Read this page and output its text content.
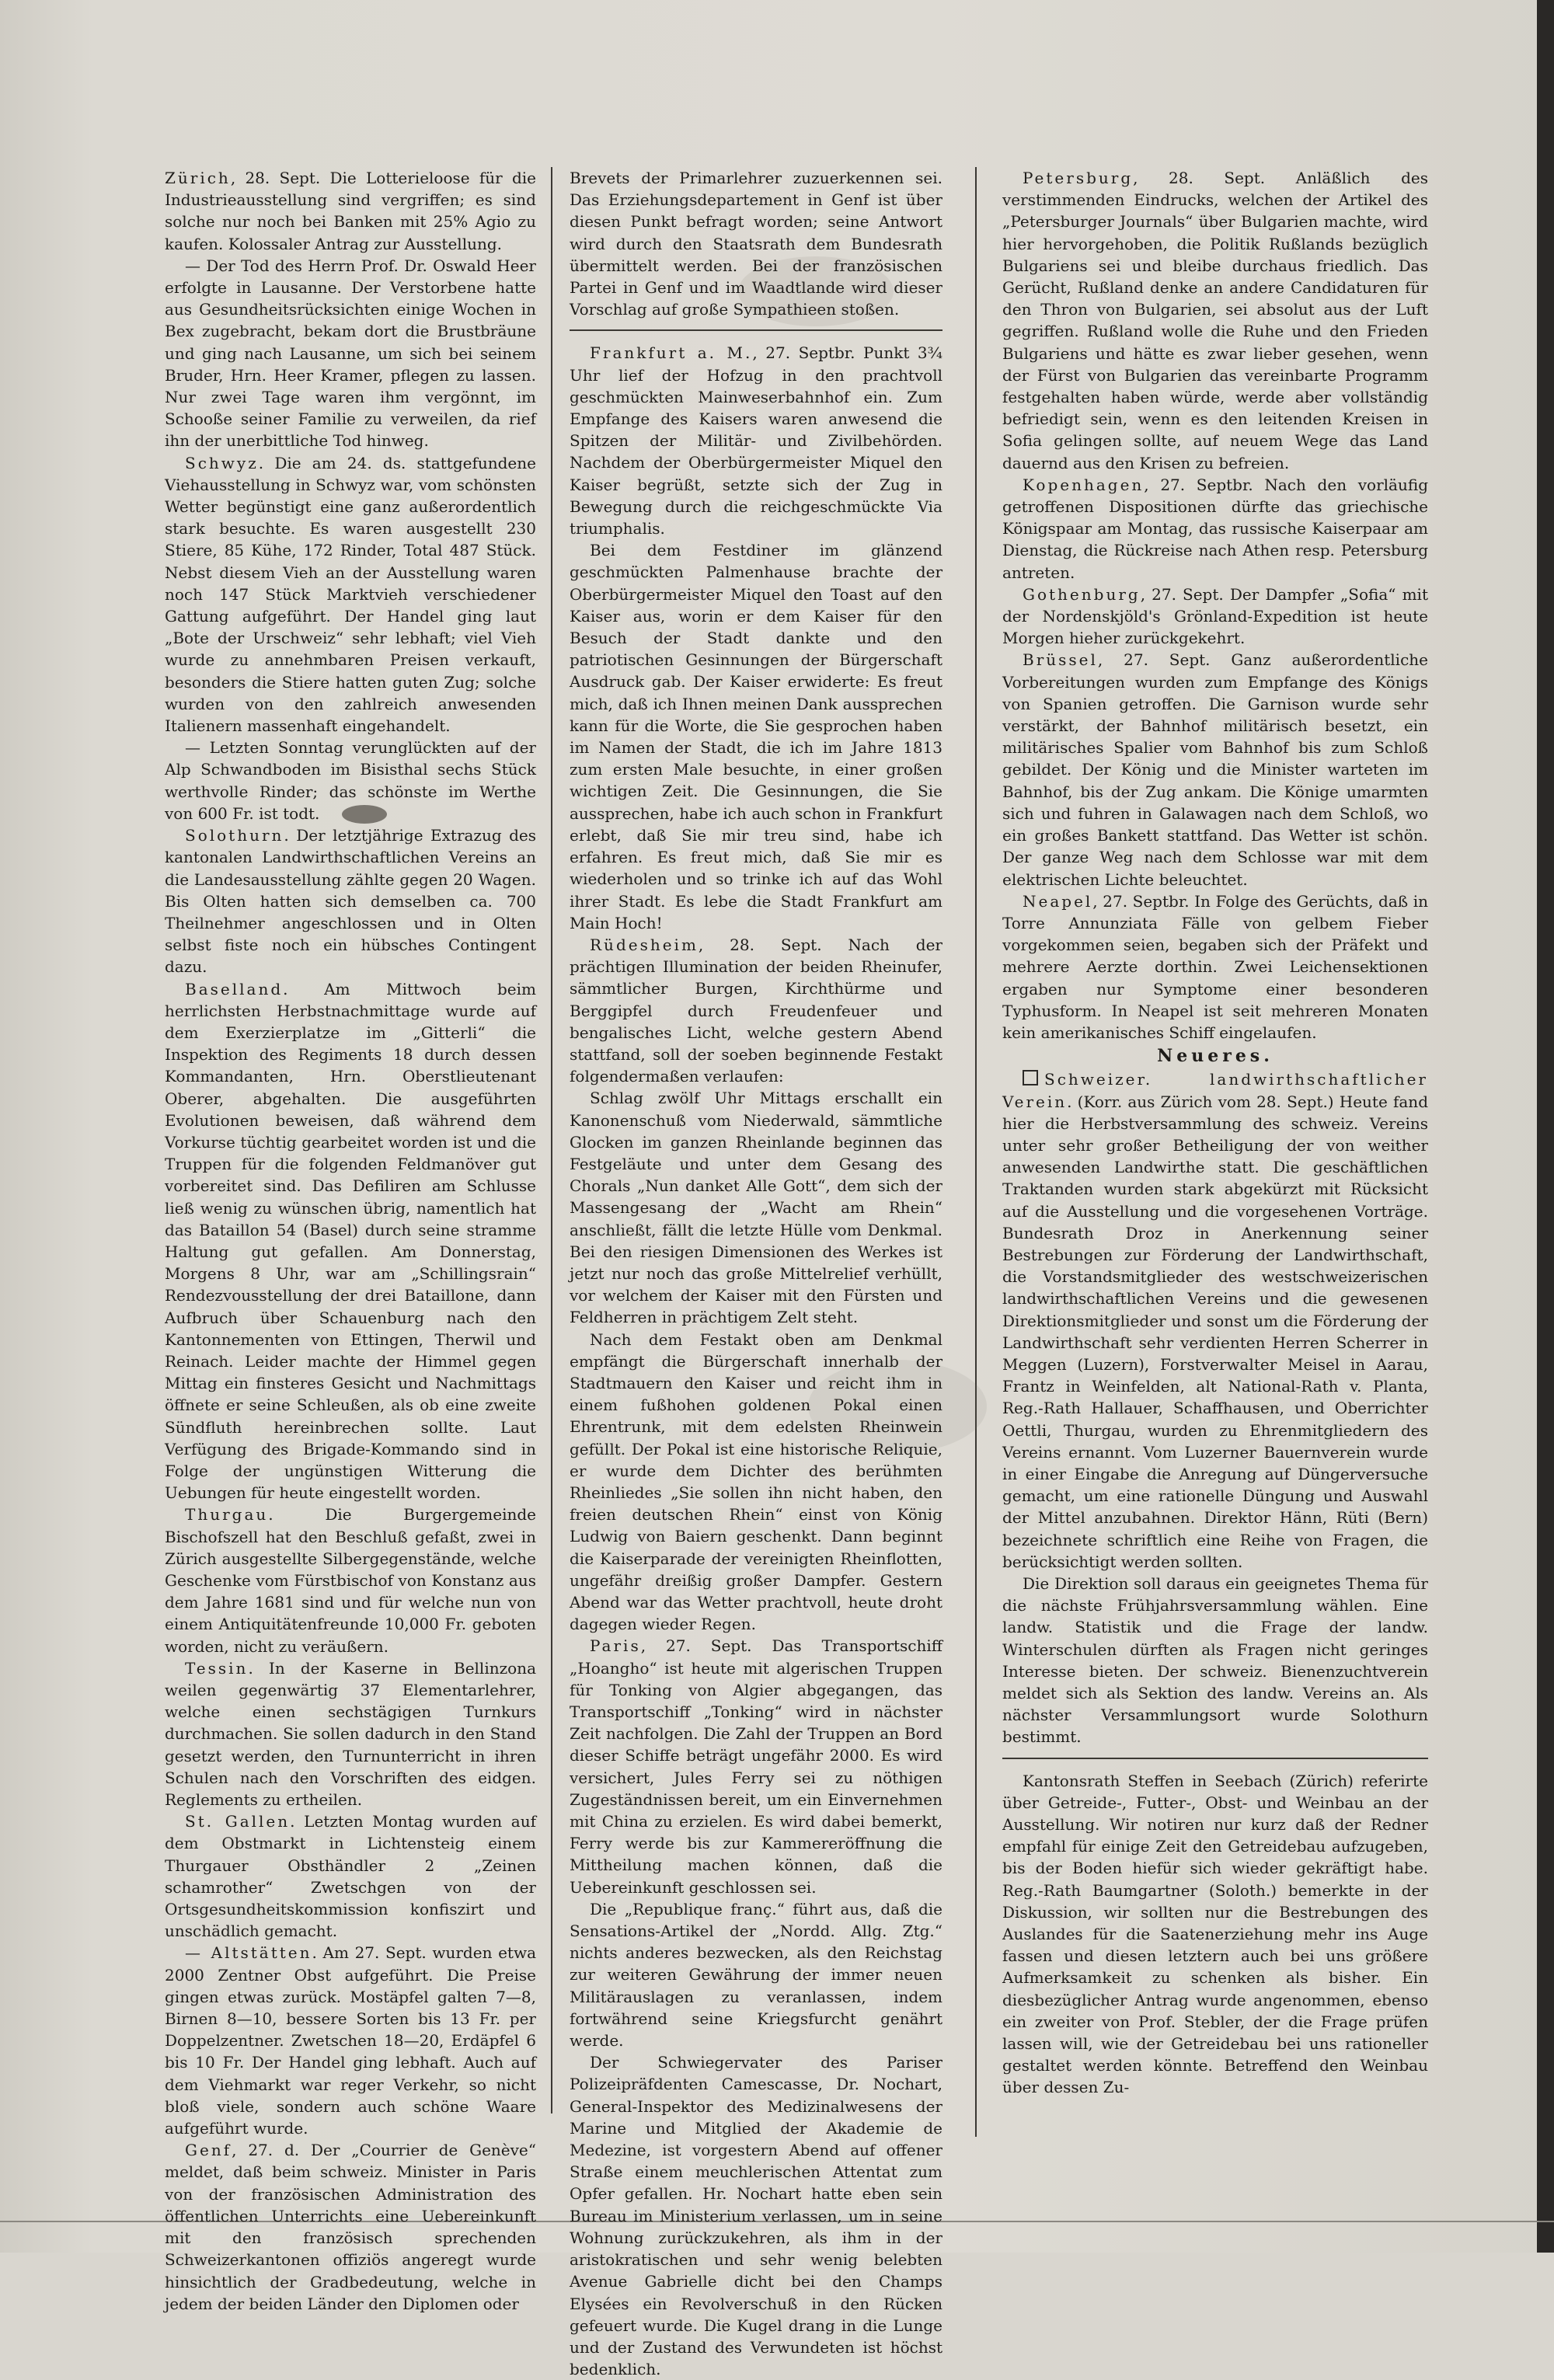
Zürich, 28. Sept. Die Lotterieloose für die Industrieausstellung sind vergriffen; es sind solche nur noch bei Banken mit 25% Agio zu kaufen. Kolossaler Antrag zur Ausstellung.

— Der Tod des Herrn Prof. Dr. Oswald Heer erfolgte in Lausanne. Der Verstorbene hatte aus Gesundheitsrücksichten einige Wochen in Bex zugebracht, bekam dort die Brustbräune und ging nach Lausanne, um sich bei seinem Bruder, Hrn. Heer Kramer, pflegen zu lassen. Nur zwei Tage waren ihm vergönnt, im Schooße seiner Familie zu verweilen, da rief ihn der unerbittliche Tod hinweg.

Schwyz. Die am 24. ds. stattgefundene Viehausstellung in Schwyz war, vom schönsten Wetter begünstigt eine ganz außerordentlich stark besuchte. Es waren ausgestellt 230 Stiere, 85 Kühe, 172 Rinder, Total 487 Stück. Nebst diesem Vieh an der Ausstellung waren noch 147 Stück Marktvieh verschiedener Gattung aufgeführt. Der Handel ging laut „Bote der Urschweiz“ sehr lebhaft; viel Vieh wurde zu annehmbaren Preisen verkauft, besonders die Stiere hatten guten Zug; solche wurden von den zahlreich anwesenden Italienern massenhaft eingehandelt.

— Letzten Sonntag verunglückten auf der Alp Schwandboden im Bisisthal sechs Stück werthvolle Rinder; das schönste im Werthe von 600 Fr. ist todt.

Solothurn. Der letztjährige Extrazug des kantonalen Landwirthschaftlichen Vereins an die Landesausstellung zählte gegen 20 Wagen. Bis Olten hatten sich demselben ca. 700 Theilnehmer angeschlossen und in Olten selbst fiste noch ein hübsches Contingent dazu.

Baselland. Am Mittwoch beim herrlichsten Herbstnachmittage wurde auf dem Exerzierplatze im „Gitterli“ die Inspektion des Regiments 18 durch dessen Kommandanten, Hrn. Oberstlieutenant Oberer, abgehalten. Die ausgeführten Evolutionen beweisen, daß während dem Vorkurse tüchtig gearbeitet worden ist und die Truppen für die folgenden Feldmanöver gut vorbereitet sind. Das Defiliren am Schlusse ließ wenig zu wünschen übrig, namentlich hat das Bataillon 54 (Basel) durch seine stramme Haltung gut gefallen. Am Donnerstag, Morgens 8 Uhr, war am „Schillingsrain“ Rendezvousstellung der drei Bataillone, dann Aufbruch über Schauenburg nach den Kantonnementen von Ettingen, Therwil und Reinach. Leider machte der Himmel gegen Mittag ein finsteres Gesicht und Nachmittags öffnete er seine Schleußen, als ob eine zweite Sündfluth hereinbrechen sollte. Laut Verfügung des Brigade-Kommando sind in Folge der ungünstigen Witterung die Uebungen für heute eingestellt worden.

Thurgau. Die Burgergemeinde Bischofszell hat den Beschluß gefaßt, zwei in Zürich ausgestellte Silbergegenstände, welche Geschenke vom Fürstbischof von Konstanz aus dem Jahre 1681 sind und für welche nun von einem Antiquitätenfreunde 10,000 Fr. geboten worden, nicht zu veräußern.

Tessin. In der Kaserne in Bellinzona weilen gegenwärtig 37 Elementarlehrer, welche einen sechstägigen Turnkurs durchmachen. Sie sollen dadurch in den Stand gesetzt werden, den Turnunterricht in ihren Schulen nach den Vorschriften des eidgen. Reglements zu ertheilen.

St. Gallen. Letzten Montag wurden auf dem Obstmarkt in Lichtensteig einem Thurgauer Obsthändler 2 „Zeinen schamrother“ Zwetschgen von der Ortsgesundheitskommission konfiszirt und unschädlich gemacht.

— Altstätten. Am 27. Sept. wurden etwa 2000 Zentner Obst aufgeführt. Die Preise gingen etwas zurück. Mostäpfel galten 7—8, Birnen 8—10, bessere Sorten bis 13 Fr. per Doppelzentner. Zwetschen 18—20, Erdäpfel 6 bis 10 Fr. Der Handel ging lebhaft. Auch auf dem Viehmarkt war reger Verkehr, so nicht bloß viele, sondern auch schöne Waare aufgeführt wurde.

Genf, 27. d. Der „Courrier de Genève“ meldet, daß beim schweiz. Minister in Paris von der französischen Administration des öffentlichen Unterrichts eine Uebereinkunft mit den französisch sprechenden Schweizerkantonen offiziös angeregt wurde hinsichtlich der Gradbedeutung, welche in jedem der beiden Länder den Diplomen oder

Brevets der Primarlehrer zuzuerkennen sei. Das Erziehungsdepartement in Genf ist über diesen Punkt befragt worden; seine Antwort wird durch den Staatsrath dem Bundesrath übermittelt werden. Bei der französischen Partei in Genf und im Waadtlande wird dieser Vorschlag auf große Sympathieen stoßen.

Frankfurt a. M., 27. Septbr. Punkt 3¾ Uhr lief der Hofzug in den prachtvoll geschmückten Mainweserbahnhof ein. Zum Empfange des Kaisers waren anwesend die Spitzen der Militär- und Zivilbehörden. Nachdem der Oberbürgermeister Miquel den Kaiser begrüßt, setzte sich der Zug in Bewegung durch die reichgeschmückte Via triumphalis.

Bei dem Festdiner im glänzend geschmückten Palmenhause brachte der Oberbürgermeister Miquel den Toast auf den Kaiser aus, worin er dem Kaiser für den Besuch der Stadt dankte und den patriotischen Gesinnungen der Bürgerschaft Ausdruck gab. Der Kaiser erwiderte: Es freut mich, daß ich Ihnen meinen Dank aussprechen kann für die Worte, die Sie gesprochen haben im Namen der Stadt, die ich im Jahre 1813 zum ersten Male besuchte, in einer großen wichtigen Zeit. Die Gesinnungen, die Sie aussprechen, habe ich auch schon in Frankfurt erlebt, daß Sie mir treu sind, habe ich erfahren. Es freut mich, daß Sie mir es wiederholen und so trinke ich auf das Wohl ihrer Stadt. Es lebe die Stadt Frankfurt am Main Hoch!

Rüdesheim, 28. Sept. Nach der prächtigen Illumination der beiden Rheinufer, sämmtlicher Burgen, Kirchthürme und Berggipfel durch Freudenfeuer und bengalisches Licht, welche gestern Abend stattfand, soll der soeben beginnende Festakt folgendermaßen verlaufen:

Schlag zwölf Uhr Mittags erschallt ein Kanonenschuß vom Niederwald, sämmtliche Glocken im ganzen Rheinlande beginnen das Festgeläute und unter dem Gesang des Chorals „Nun danket Alle Gott“, dem sich der Massengesang der „Wacht am Rhein“ anschließt, fällt die letzte Hülle vom Denkmal. Bei den riesigen Dimensionen des Werkes ist jetzt nur noch das große Mittelrelief verhüllt, vor welchem der Kaiser mit den Fürsten und Feldherren in prächtigem Zelt steht.

Nach dem Festakt oben am Denkmal empfängt die Bürgerschaft innerhalb der Stadtmauern den Kaiser und reicht ihm in einem fußhohen goldenen Pokal einen Ehrentrunk, mit dem edelsten Rheinwein gefüllt. Der Pokal ist eine historische Reliquie, er wurde dem Dichter des berühmten Rheinliedes „Sie sollen ihn nicht haben, den freien deutschen Rhein“ einst von König Ludwig von Baiern geschenkt. Dann beginnt die Kaiserparade der vereinigten Rheinflotten, ungefähr dreißig großer Dampfer. Gestern Abend war das Wetter prachtvoll, heute droht dagegen wieder Regen.

Paris, 27. Sept. Das Transportschiff „Hoangho“ ist heute mit algerischen Truppen für Tonking von Algier abgegangen, das Transportschiff „Tonking“ wird in nächster Zeit nachfolgen. Die Zahl der Truppen an Bord dieser Schiffe beträgt ungefähr 2000. Es wird versichert, Jules Ferry sei zu nöthigen Zugeständnissen bereit, um ein Einvernehmen mit China zu erzielen. Es wird dabei bemerkt, Ferry werde bis zur Kammereröffnung die Mittheilung machen können, daß die Uebereinkunft geschlossen sei.

Die „Republique franç.“ führt aus, daß die Sensations-Artikel der „Nordd. Allg. Ztg.“ nichts anderes bezwecken, als den Reichstag zur weiteren Gewährung der immer neuen Militärauslagen zu veranlassen, indem fortwährend seine Kriegsfurcht genährt werde.

Der Schwiegervater des Pariser Polizeipräfdenten Camescasse, Dr. Nochart, General-Inspektor des Medizinalwesens der Marine und Mitglied der Akademie de Medezine, ist vorgestern Abend auf offener Straße einem meuchlerischen Attentat zum Opfer gefallen. Hr. Nochart hatte eben sein Bureau im Ministerium verlassen, um in seine Wohnung zurückzukehren, als ihm in der aristokratischen und sehr wenig belebten Avenue Gabrielle dicht bei den Champs Elysées ein Revolverschuß in den Rücken gefeuert wurde. Die Kugel drang in die Lunge und der Zustand des Verwundeten ist höchst bedenklich.

Petersburg, 28. Sept. Anläßlich des verstimmenden Eindrucks, welchen der Artikel des „Petersburger Journals“ über Bulgarien machte, wird hier hervorgehoben, die Politik Rußlands bezüglich Bulgariens sei und bleibe durchaus friedlich. Das Gerücht, Rußland denke an andere Candidaturen für den Thron von Bulgarien, sei absolut aus der Luft gegriffen. Rußland wolle die Ruhe und den Frieden Bulgariens und hätte es zwar lieber gesehen, wenn der Fürst von Bulgarien das vereinbarte Programm festgehalten haben würde, werde aber vollständig befriedigt sein, wenn es den leitenden Kreisen in Sofia gelingen sollte, auf neuem Wege das Land dauernd aus den Krisen zu befreien.

Kopenhagen, 27. Septbr. Nach den vorläufig getroffenen Dispositionen dürfte das griechische Königspaar am Montag, das russische Kaiserpaar am Dienstag, die Rückreise nach Athen resp. Petersburg antreten.

Gothenburg, 27. Sept. Der Dampfer „Sofia“ mit der Nordenskjöld's Grönland-Expedition ist heute Morgen hieher zurückgekehrt.

Brüssel, 27. Sept. Ganz außerordentliche Vorbereitungen wurden zum Empfange des Königs von Spanien getroffen. Die Garnison wurde sehr verstärkt, der Bahnhof militärisch besetzt, ein militärisches Spalier vom Bahnhof bis zum Schloß gebildet. Der König und die Minister warteten im Bahnhof, bis der Zug ankam. Die Könige umarmten sich und fuhren in Galawagen nach dem Schloß, wo ein großes Bankett stattfand. Das Wetter ist schön. Der ganze Weg nach dem Schlosse war mit dem elektrischen Lichte beleuchtet.

Neapel, 27. Septbr. In Folge des Gerüchts, daß in Torre Annunziata Fälle von gelbem Fieber vorgekommen seien, begaben sich der Präfekt und mehrere Aerzte dorthin. Zwei Leichensektionen ergaben nur Symptome einer besonderen Typhusform. In Neapel ist seit mehreren Monaten kein amerikanisches Schiff eingelaufen.

Neueres.

Schweizer. landwirthschaftlicher Verein. (Korr. aus Zürich vom 28. Sept.) Heute fand hier die Herbstversammlung des schweiz. Vereins unter sehr großer Betheiligung der von weither anwesenden Landwirthe statt. Die geschäftlichen Traktanden wurden stark abgekürzt mit Rücksicht auf die Ausstellung und die vorgesehenen Vorträge. Bundesrath Droz in Anerkennung seiner Bestrebungen zur Förderung der Landwirthschaft, die Vorstandsmitglieder des westschweizerischen landwirthschaftlichen Vereins und die gewesenen Direktionsmitglieder und sonst um die Förderung der Landwirthschaft sehr verdienten Herren Scherrer in Meggen (Luzern), Forstverwalter Meisel in Aarau, Frantz in Weinfelden, alt National-Rath v. Planta, Reg.-Rath Hallauer, Schaffhausen, und Oberrichter Oettli, Thurgau, wurden zu Ehrenmitgliedern des Vereins ernannt. Vom Luzerner Bauernverein wurde in einer Eingabe die Anregung auf Düngerversuche gemacht, um eine rationelle Düngung und Auswahl der Mittel anzubahnen. Direktor Hänn, Rüti (Bern) bezeichnete schriftlich eine Reihe von Fragen, die berücksichtigt werden sollten.

Die Direktion soll daraus ein geeignetes Thema für die nächste Frühjahrsversammlung wählen. Eine landw. Statistik und die Frage der landw. Winterschulen dürften als Fragen nicht geringes Interesse bieten. Der schweiz. Bienenzuchtverein meldet sich als Sektion des landw. Vereins an. Als nächster Versammlungsort wurde Solothurn bestimmt.

Kantonsrath Steffen in Seebach (Zürich) referirte über Getreide-, Futter-, Obst- und Weinbau an der Ausstellung. Wir notiren nur kurz daß der Redner empfahl für einige Zeit den Getreidebau aufzugeben, bis der Boden hiefür sich wieder gekräftigt habe. Reg.-Rath Baumgartner (Soloth.) bemerkte in der Diskussion, wir sollten nur die Bestrebungen des Auslandes für die Saatenerziehung mehr ins Auge fassen und diesen letztern auch bei uns größere Aufmerksamkeit zu schenken als bisher. Ein diesbezüglicher Antrag wurde angenommen, ebenso ein zweiter von Prof. Stebler, der die Frage prüfen lassen will, wie der Getreidebau bei uns rationeller gestaltet werden könnte. Betreffend den Weinbau über dessen Zu-
